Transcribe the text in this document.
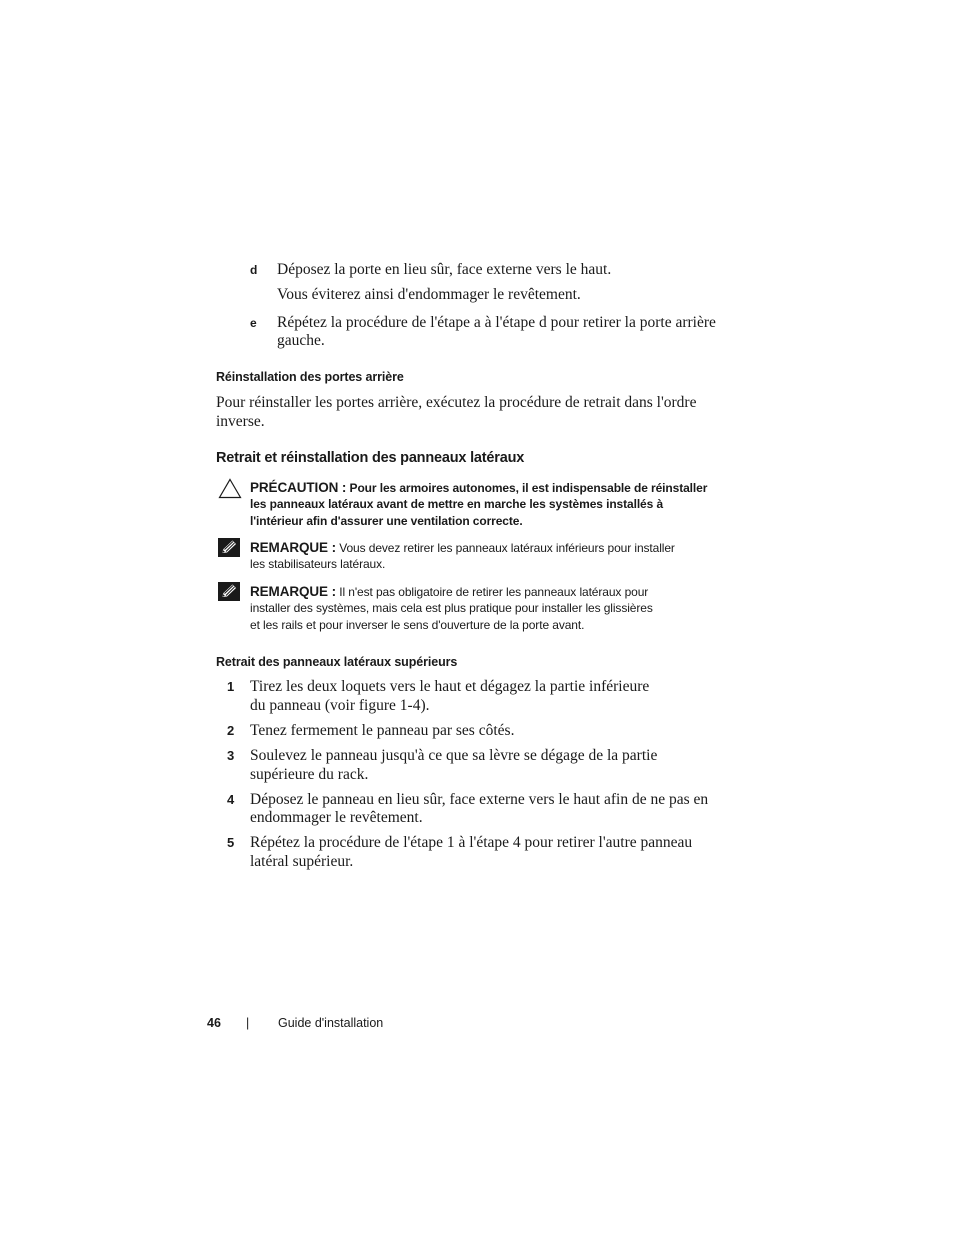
d Déposez la porte en lieu sûr, face externe vers le haut.
Vous éviterez ainsi d'endommager le revêtement.
e Répétez la procédure de l'étape a à l'étape d pour retirer la porte arrière
gauche.
Réinstallation des portes arrière
Pour réinstaller les portes arrière, exécutez la procédure de retrait dans l'ordre
inverse.
Retrait et réinstallation des panneaux latéraux
PRÉCAUTION : Pour les armoires autonomes, il est indispensable de réinstaller
les panneaux latéraux avant de mettre en marche les systèmes installés à
l'intérieur afin d'assurer une ventilation correcte.
REMARQUE : Vous devez retirer les panneaux latéraux inférieurs pour installer
les stabilisateurs latéraux.
REMARQUE : Il n'est pas obligatoire de retirer les panneaux latéraux pour
installer des systèmes, mais cela est plus pratique pour installer les glissières
et les rails et pour inverser le sens d'ouverture de la porte avant.
Retrait des panneaux latéraux supérieurs
1 Tirez les deux loquets vers le haut et dégagez la partie inférieure
du panneau (voir figure 1-4).
2 Tenez fermement le panneau par ses côtés.
3 Soulevez le panneau jusqu'à ce que sa lèvre se dégage de la partie
supérieure du rack.
4 Déposez le panneau en lieu sûr, face externe vers le haut afin de ne pas en
endommager le revêtement.
5 Répétez la procédure de l'étape 1 à l'étape 4 pour retirer l'autre panneau
latéral supérieur.
46 | Guide d'installation
